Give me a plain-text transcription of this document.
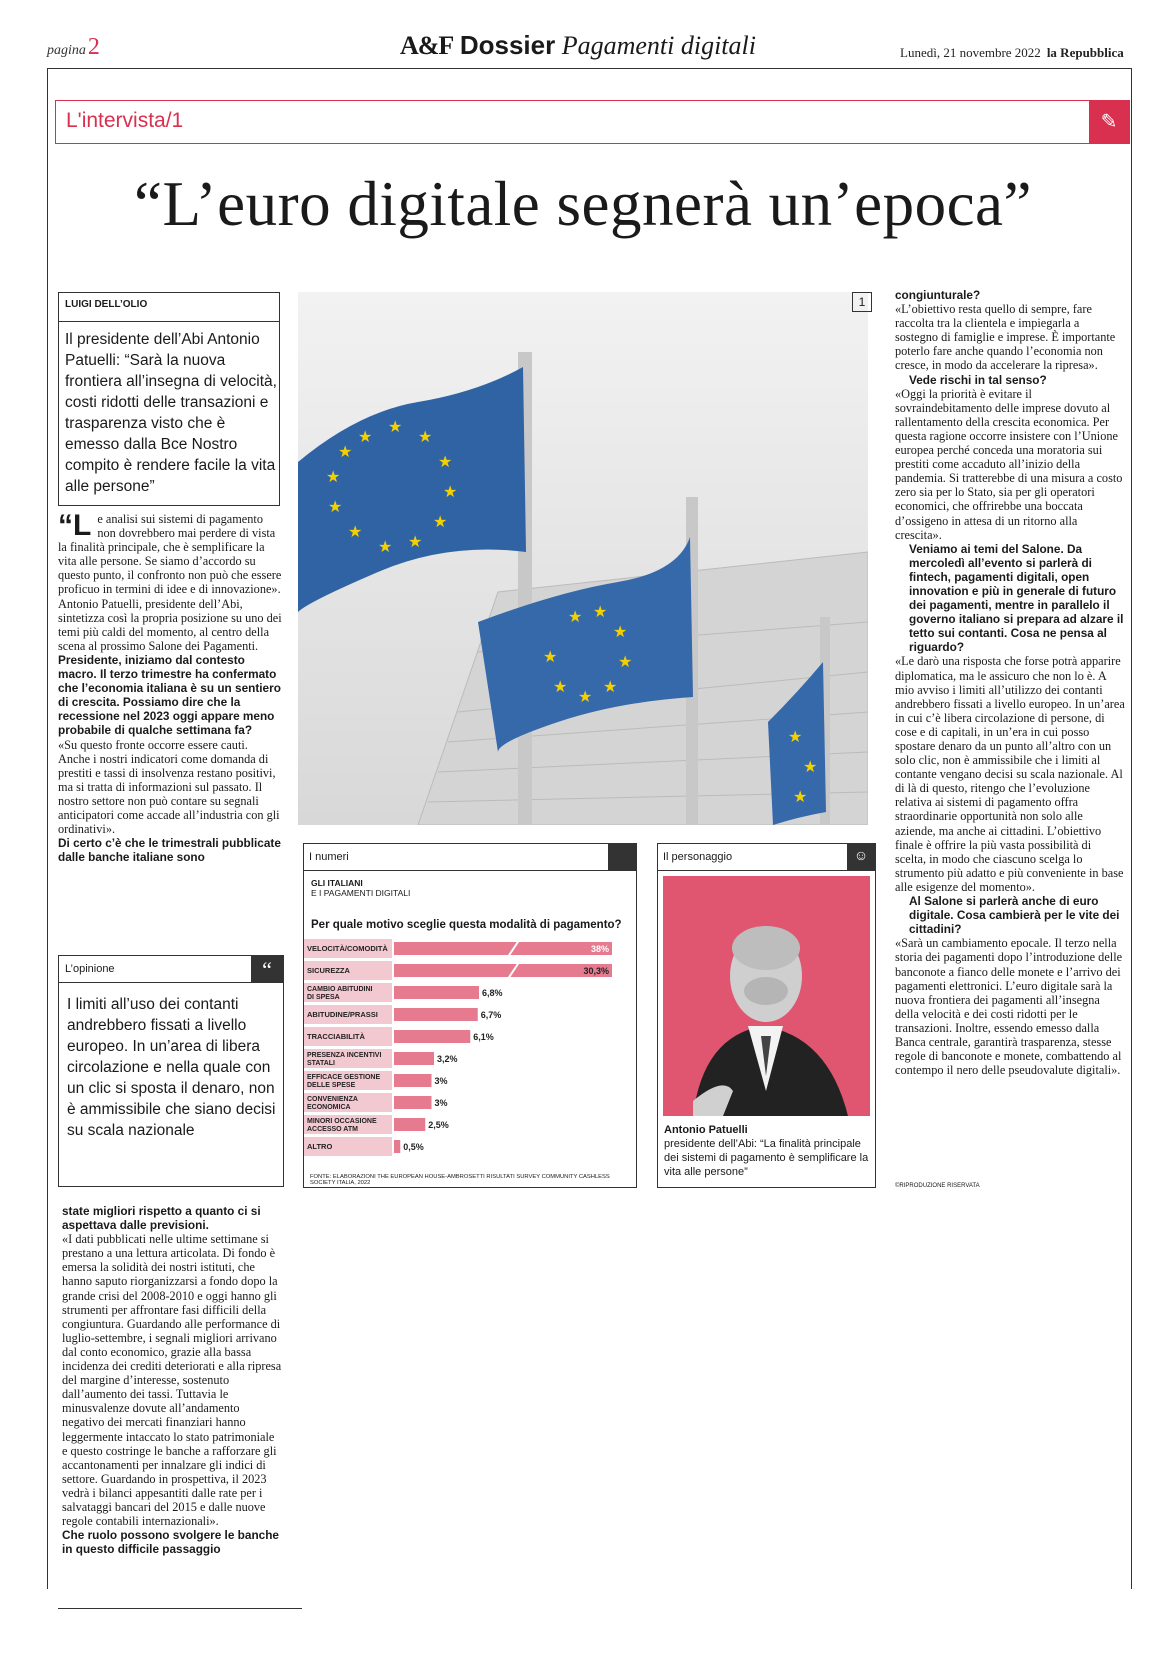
pagina2	A&F Dossier Pagamenti digitali	Lunedì, 21 novembre 2022 la Repubblica
L'intervista/1	✎
“L’euro digitale segnerà un’epoca”
LUIGI DELL’OLIO
Il presidente dell’Abi Antonio Patuelli: “Sarà la nuova frontiera all’insegna di velocità, costi ridotti delle transazioni e trasparenza visto che è emesso dalla Bce Nostro compito è rendere facile la vita alle persone”

“Le analisi sui sistemi di pagamento non dovrebbero mai perdere di vista la finalità principale, che è semplificare la vita alle persone. Se siamo d’accordo su questo punto, il confronto non può che essere proficuo in termini di idee e di innovazione». Antonio Patuelli, presidente dell’Abi, sintetizza così la propria posizione su uno dei temi più caldi del momento, al centro della scena al prossimo Salone dei Pagamenti.

Presidente, iniziamo dal contesto macro. Il terzo trimestre ha confermato che l’economia italiana è su un sentiero di crescita. Possiamo dire che la recessione nel 2023 oggi appare meno probabile di qualche settimana fa?

«Su questo fronte occorre essere cauti. Anche i nostri indicatori come domanda di prestiti e tassi di insolvenza restano positivi, ma si tratta di informazioni sul passato. Il nostro settore non può contare su segnali anticipatori come accade all’industria con gli ordinativi».

Di certo c’è che le trimestrali pubblicate dalle banche italiane sono

L’opinione	“
I limiti all’uso dei contanti andrebbero fissati a livello europeo. In un’area di libera circolazione e nella quale con un clic si sposta il denaro, non è ammissibile che siano decisi su scala nazionale

state migliori rispetto a quanto ci si aspettava dalle previsioni.

«I dati pubblicati nelle ultime settimane si prestano a una lettura articolata. Di fondo è emersa la solidità dei nostri istituti, che hanno saputo riorganizzarsi a fondo dopo la grande crisi del 2008-2010 e oggi hanno gli strumenti per affrontare fasi difficili della congiuntura. Guardando alle performance di luglio-settembre, i segnali migliori arrivano dal conto economico, grazie alla bassa incidenza dei crediti deteriorati e alla ripresa del margine d’interesse, sostenuto dall’aumento dei tassi. Tuttavia le minusvalenze dovute all’andamento negativo dei mercati finanziari hanno leggermente intaccato lo stato patrimoniale e questo costringe le banche a rafforzare gli accantonamenti per innalzare gli indici di settore. Guardando in prospettiva, il 2023 vedrà i bilanci appesantiti dalle rate per i salvataggi bancari del 2015 e dalle nuove regole contabili internazionali».

Che ruolo possono svolgere le banche in questo difficile passaggio

★
★
★
★
★
★
★
★
★
★
★
★
★ ★
★
★
★
★
★
★
★
★
★
1
I numeri
GLI ITALIANI
E I PAGAMENTI DIGITALI
Per quale motivo sceglie questa modalità di pagamento?
VELOCITÀ/COMODITÀ	38%
SICUREZZA	30,3%
CAMBIO ABITUDINI
DI SPESA	6,8%
ABITUDINE/PRASSI	6,7%
TRACCIABILITÀ	6,1%
PRESENZA INCENTIVI
STATALI	3,2%
EFFICACE GESTIONE
DELLE SPESE	3%
CONVENIENZA
ECONOMICA	3%
MINORI OCCASIONE
ACCESSO ATM	2,5%
ALTRO	0,5%
FONTE: ELABORAZIONI THE EUROPEAN HOUSE-AMBROSETTI RISULTATI SURVEY COMMUNITY CASHLESS SOCIETY ITALIA, 2022
Il personaggio	☺
Antonio Patuelli
presidente dell’Abi: “La finalità principale dei sistemi di pagamento è semplificare la vita alle persone”

congiunturale?

«L’obiettivo resta quello di sempre, fare raccolta tra la clientela e impiegarla a sostegno di famiglie e imprese. È importante poterlo fare anche quando l’economia non cresce, in modo da accelerare la ripresa».

Vede rischi in tal senso?

«Oggi la priorità è evitare il sovraindebitamento delle imprese dovuto al rallentamento della crescita economica. Per questa ragione occorre insistere con l’Unione europea perché conceda una moratoria sui prestiti come accaduto all’inizio della pandemia. Si tratterebbe di una misura a costo zero sia per lo Stato, sia per gli operatori economici, che offrirebbe una boccata d’ossigeno in attesa di un ritorno alla crescita».

Veniamo ai temi del Salone. Da mercoledì all’evento si parlerà di fintech, pagamenti digitali, open innovation e più in generale di futuro dei pagamenti, mentre in parallelo il governo italiano si prepara ad alzare il tetto sui contanti. Cosa ne pensa al riguardo?

«Le darò una risposta che forse potrà apparire diplomatica, ma le assicuro che non lo è. A mio avviso i limiti all’utilizzo dei contanti andrebbero fissati a livello europeo. In un’area in cui c’è libera circolazione di persone, di cose e di capitali, in un’era in cui posso spostare denaro da un punto all’altro con un solo clic, non è ammissibile che i limiti al contante vengano decisi su scala nazionale. Al di là di questo, ritengo che l’evoluzione relativa ai sistemi di pagamento offra straordinarie opportunità non solo alle aziende, ma anche ai cittadini. L’obiettivo finale è offrire la più vasta possibilità di scelta, in modo che ciascuno scelga lo strumento più adatto e più conveniente in base alle esigenze del momento».

Al Salone si parlerà anche di euro digitale. Cosa cambierà per le vite dei cittadini?

«Sarà un cambiamento epocale. Il terzo nella storia dei pagamenti dopo l’introduzione delle banconote a fianco delle monete e l’arrivo dei pagamenti elettronici. L’euro digitale sarà la nuova frontiera dei pagamenti all’insegna della velocità e dei costi ridotti per le transazioni. Inoltre, essendo emesso dalla Banca centrale, garantirà trasparenza, stesse regole di banconote e monete, combattendo al contempo il nero delle pseudovalute digitali».

©RIPRODUZIONE RISERVATA
